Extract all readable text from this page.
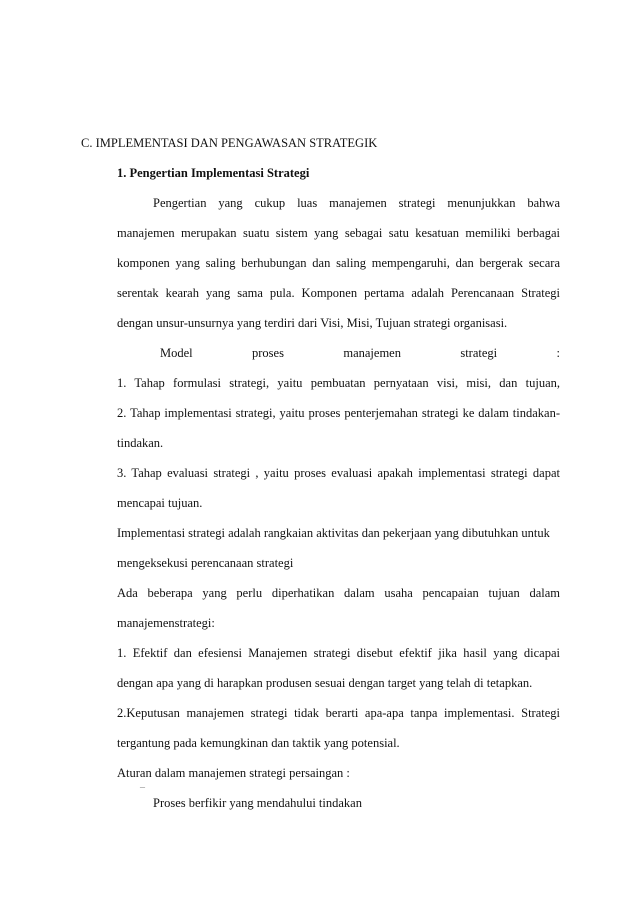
C. IMPLEMENTASI DAN PENGAWASAN STRATEGIK
1. Pengertian Implementasi Strategi
Pengertian yang cukup luas manajemen strategi menunjukkan bahwa
manajemen merupakan suatu sistem yang sebagai satu kesatuan memiliki berbagai
komponen yang saling berhubungan dan saling mempengaruhi, dan bergerak secara
serentak kearah yang sama pula. Komponen pertama adalah Perencanaan Strategi
dengan unsur-unsurnya yang terdiri dari Visi, Misi, Tujuan strategi organisasi.
Model proses manajemen strategi :
1. Tahap formulasi strategi, yaitu pembuatan pernyataan visi, misi, dan tujuan,
2. Tahap implementasi strategi, yaitu proses penterjemahan strategi ke dalam tindakan-
tindakan.
3. Tahap evaluasi strategi , yaitu proses evaluasi apakah implementasi strategi dapat
mencapai tujuan.
Implementasi strategi adalah rangkaian aktivitas dan pekerjaan yang dibutuhkan untuk
mengeksekusi perencanaan strategi
Ada beberapa yang perlu diperhatikan dalam usaha pencapaian tujuan dalam
manajemenstrategi:
1. Efektif dan efesiensi Manajemen strategi disebut efektif jika hasil yang dicapai
dengan apa yang di harapkan produsen sesuai dengan target yang telah di tetapkan.
2.Keputusan manajemen strategi tidak berarti apa-apa tanpa implementasi. Strategi
tergantung pada kemungkinan dan taktik yang potensial.
Aturan dalam manajemen strategi persaingan :
¯
Proses berfikir yang mendahului tindakan
